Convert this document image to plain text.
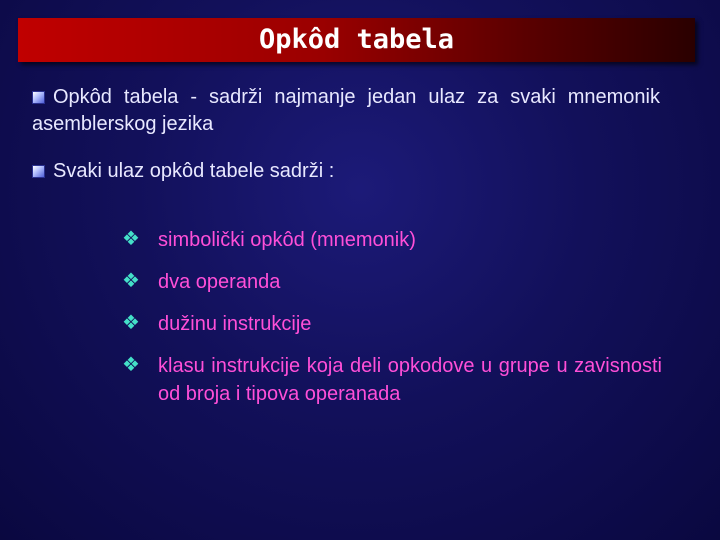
Opkôd tabela
Opkôd tabela - sadrži najmanje jedan ulaz za svaki mnemonik asemblerskog jezika
Svaki ulaz opkôd tabele sadrži :
❖ simbolički opkôd (mnemonik)
❖ dva operanda
❖ dužinu instrukcije
❖ klasu instrukcije koja deli opkodove u grupe u zavisnosti od broja i tipova operanada
